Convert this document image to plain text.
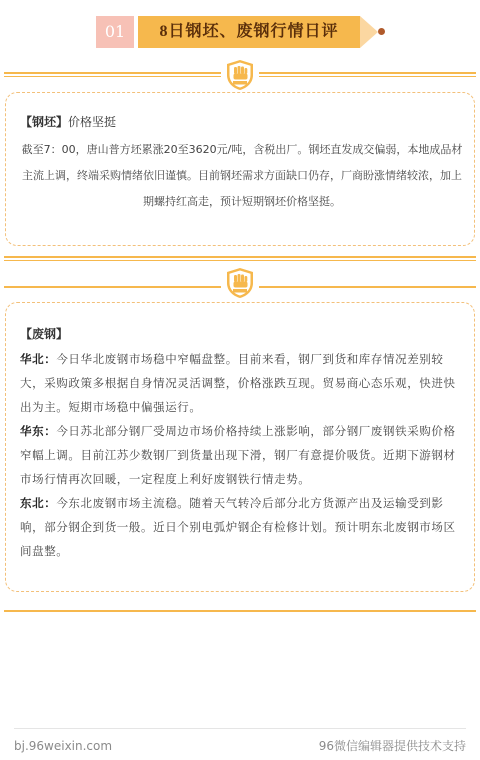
01	8日钢坯、废钢行情日评
【钢坯】价格坚挺
截至7：00，唐山普方坯累涨20至3620元/吨，含税出厂。钢坯直发成交偏弱，本地成品材主流上调，终端采购情绪依旧谨慎。目前钢坯需求方面缺口仍存，厂商盼涨情绪较浓，加上期螺持红高走，预计短期钢坯价格坚挺。
【废钢】
华北：今日华北废钢市场稳中窄幅盘整。目前来看，钢厂到货和库存情况差别较大，采购政策多根据自身情况灵活调整，价格涨跌互现。贸易商心态乐观，快进快出为主。短期市场稳中偏强运行。
华东：今日苏北部分钢厂受周边市场价格持续上涨影响，部分钢厂废钢铁采购价格窄幅上调。目前江苏少数钢厂到货量出现下滑，钢厂有意提价吸货。近期下游钢材市场行情再次回暖，一定程度上利好废钢铁行情走势。
东北：今东北废钢市场主流稳。随着天气转冷后部分北方货源产出及运输受到影响，部分钢企到货一般。近日个别电弧炉钢企有检修计划。预计明东北废钢市场区间盘整。
bj.96weixin.com	96微信编辑器提供技术支持
